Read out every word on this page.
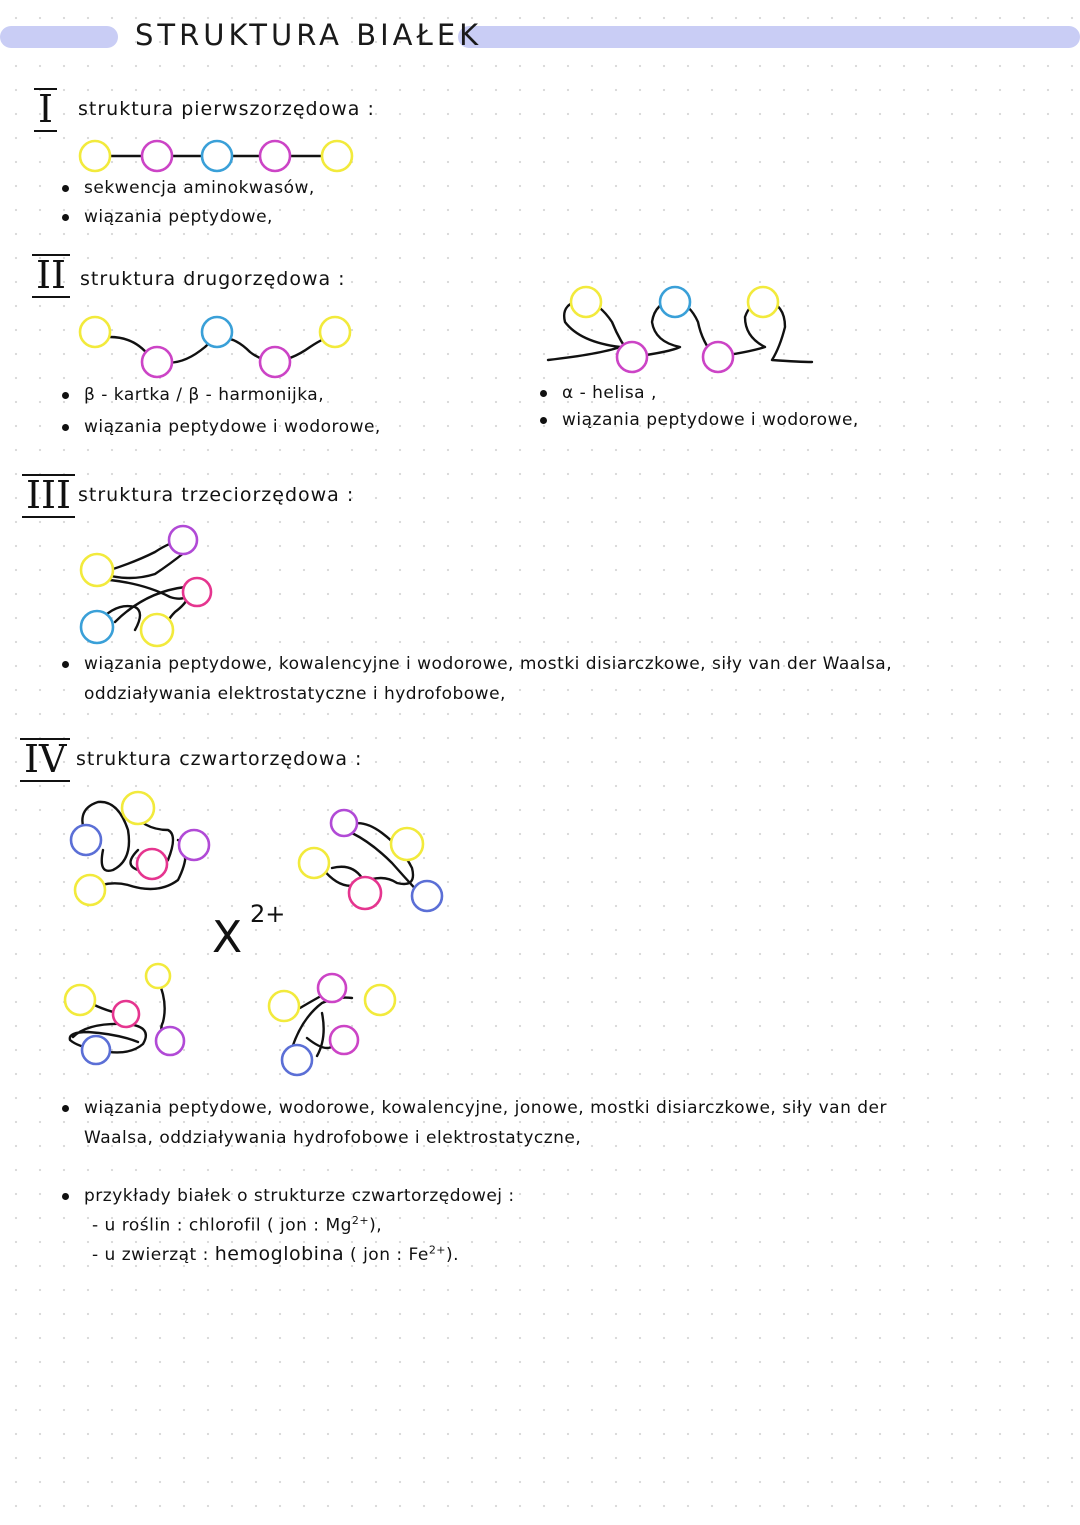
STRUKTURA BIAŁEK
I struktura pierwszorzędowa :
sekwencja aminokwasów,
wiązania peptydowe,
II struktura drugorzędowa :
β - kartka / β - harmonijka,
wiązania peptydowe i wodorowe,
α - helisa ,
wiązania peptydowe i wodorowe,
III struktura trzeciorzędowa :
wiązania peptydowe, kowalencyjne i wodorowe, mostki disiarczkowe, siły van der Waalsa,
oddziaływania elektrostatyczne i hydrofobowe,
IV struktura czwartorzędowa :
X 2+
wiązania peptydowe, wodorowe, kowalencyjne, jonowe, mostki disiarczkowe, siły van der
Waalsa, oddziaływania hydrofobowe i elektrostatyczne,
przykłady białek o strukturze czwartorzędowej :
- u roślin : chlorofil ( jon : $Mg^{2+}$),
- u zwierząt : hemoglobina ( jon : $Fe^{2+}$).
